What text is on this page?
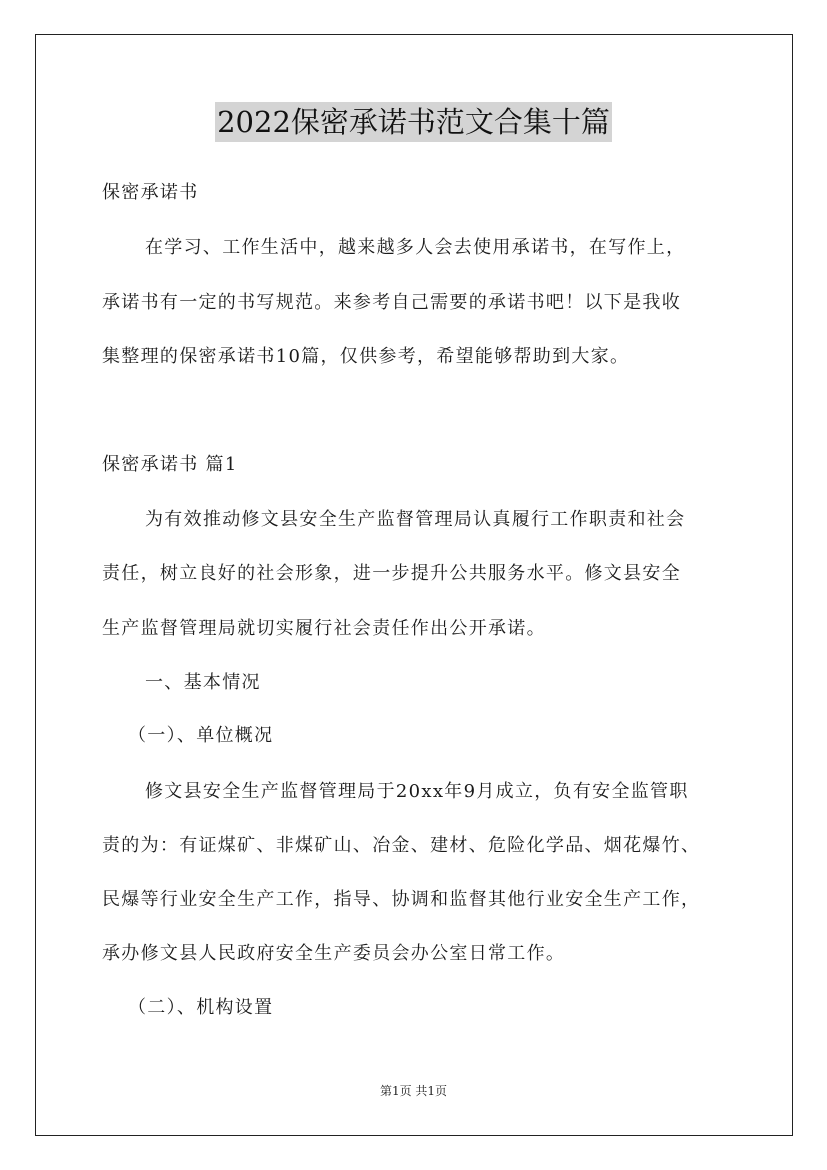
2022保密承诺书范文合集十篇
保密承诺书
在学习、工作生活中，越来越多人会去使用承诺书，在写作上，
承诺书有一定的书写规范。来参考自己需要的承诺书吧！以下是我收
集整理的保密承诺书10篇，仅供参考，希望能够帮助到大家。
保密承诺书 篇1
为有效推动修文县安全生产监督管理局认真履行工作职责和社会
责任，树立良好的社会形象，进一步提升公共服务水平。修文县安全
生产监督管理局就切实履行社会责任作出公开承诺。
一、基本情况
（一）、单位概况
修文县安全生产监督管理局于20xx年9月成立，负有安全监管职
责的为：有证煤矿、非煤矿山、冶金、建材、危险化学品、烟花爆竹、
民爆等行业安全生产工作，指导、协调和监督其他行业安全生产工作，
承办修文县人民政府安全生产委员会办公室日常工作。
（二）、机构设置
第1页 共1页
